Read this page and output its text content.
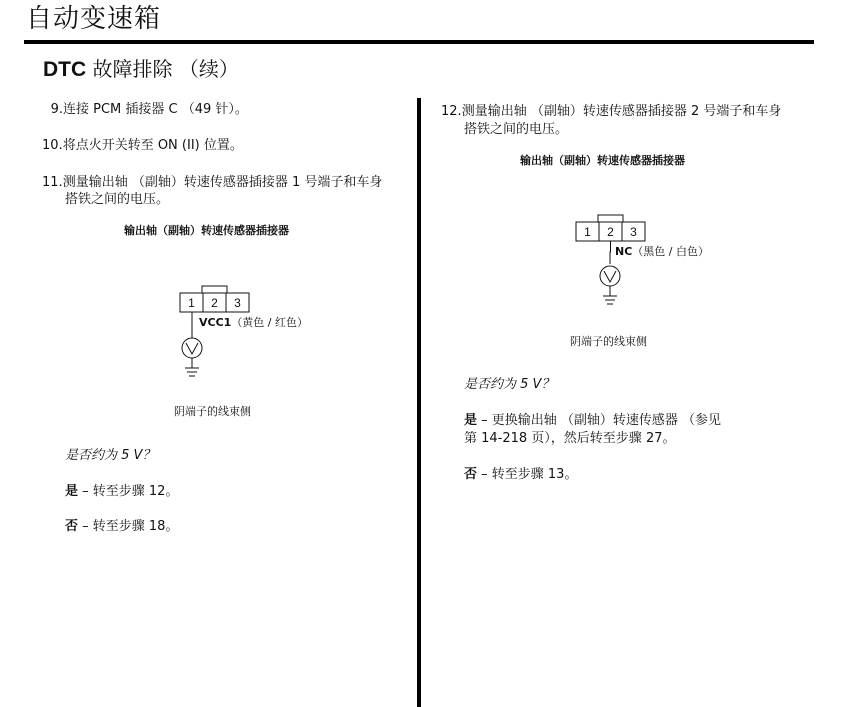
自动变速箱
DTC 故障排除 （续）
9.连接 PCM 插接器 C （49 针）。
10.将点火开关转至 ON (II) 位置。
11.测量输出轴 （副轴）转速传感器插接器 1 号端子和车身
搭铁之间的电压。
输出轴（副轴）转速传感器插接器
1 2 3
VCC1（黄色 / 红色）
阴端子的线束侧
是否约为 5 V？
是 – 转至步骤 12。
否 – 转至步骤 18。
12.测量输出轴 （副轴）转速传感器插接器 2 号端子和车身
搭铁之间的电压。
输出轴（副轴）转速传感器插接器
1 2 3
NC（黑色 / 白色）
阴端子的线束侧
是否约为 5 V？
是 – 更换输出轴 （副轴）转速传感器 （参见
第 14-218 页），然后转至步骤 27。
否 – 转至步骤 13。
